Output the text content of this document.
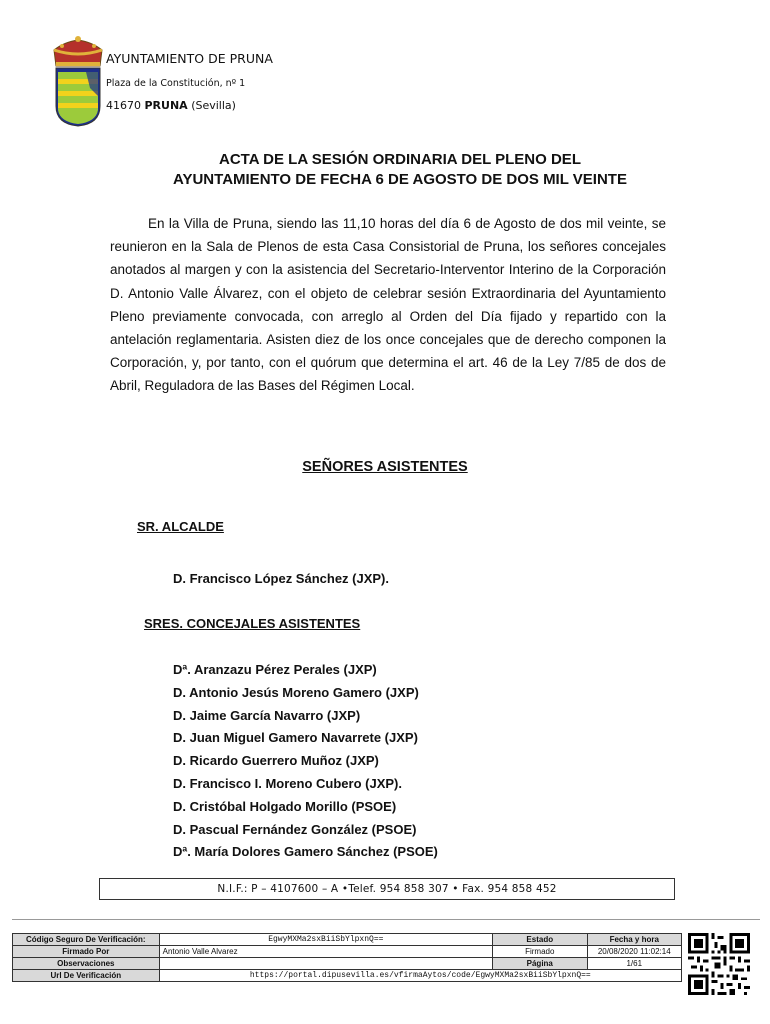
AYUNTAMIENTO DE PRUNA
Plaza de la Constitución, nº 1
41670 PRUNA (Sevilla)
ACTA DE LA SESIÓN ORDINARIA DEL PLENO DEL
AYUNTAMIENTO DE FECHA 6 DE AGOSTO DE DOS MIL VEINTE

En la Villa de Pruna, siendo las 11,10 horas del día 6 de Agosto de dos mil veinte, se reunieron en la Sala de Plenos de esta Casa Consistorial de Pruna, los señores concejales anotados al margen y con la asistencia del Secretario-Interventor Interino de la Corporación D. Antonio Valle Álvarez, con el objeto de celebrar sesión Extraordinaria del Ayuntamiento Pleno previamente convocada, con arreglo al Orden del Día fijado y repartido con la antelación reglamentaria. Asisten diez de los once concejales que de derecho componen la Corporación, y, por tanto, con el quórum que determina el art. 46 de la Ley 7/85 de dos de Abril, Reguladora de las Bases del Régimen Local.

SEÑORES ASISTENTES
SR. ALCALDE
D. Francisco López Sánchez (JXP).
SRES. CONCEJALES ASISTENTES
Dª. Aranzazu Pérez Perales (JXP)
D. Antonio Jesús Moreno Gamero (JXP)
D. Jaime García Navarro (JXP)
D. Juan Miguel Gamero Navarrete (JXP)
D. Ricardo Guerrero Muñoz (JXP)
D. Francisco I. Moreno Cubero (JXP).
D. Cristóbal Holgado Morillo (PSOE)
D. Pascual Fernández González (PSOE)
Dª. María Dolores Gamero Sánchez (PSOE)
N.I.F.: P – 4107600 – A •Telef. 954 858 307 • Fax. 954 858 452
Código Seguro De Verificación:	EgwyMXMa2sxBiiSbYlpxnQ==	Estado	Fecha y hora
Firmado Por	Antonio Valle Alvarez	Firmado	20/08/2020 11:02:14
Observaciones		Página	1/61
Url De Verificación	https://portal.dipusevilla.es/vfirmaAytos/code/EgwyMXMa2sxBiiSbYlpxnQ==		
